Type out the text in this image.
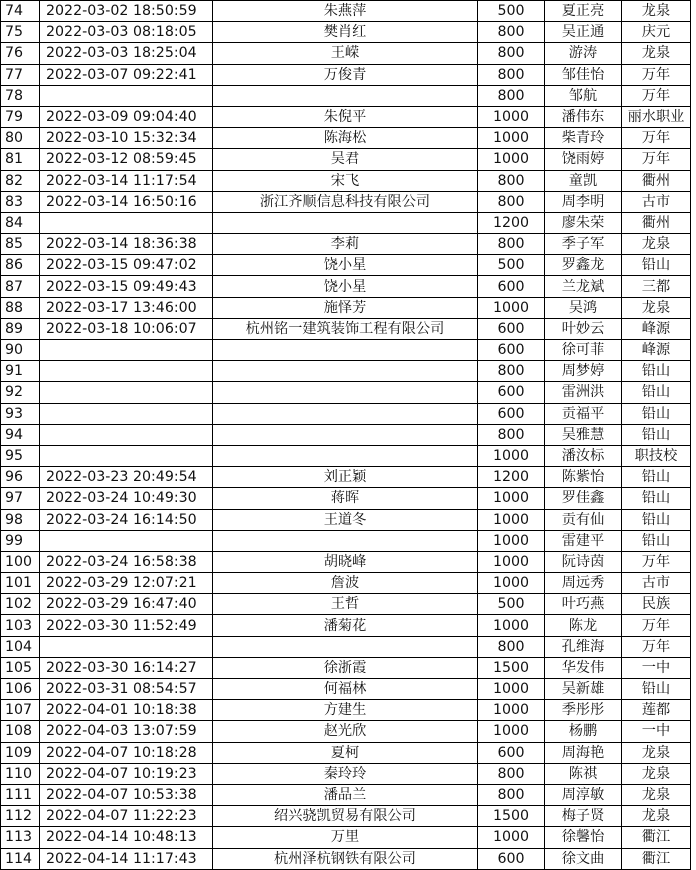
74	2022-03-02 18:50:59	朱燕萍	500	夏正亮	龙泉
75	2022-03-03 08:18:05	樊肖红	800	吴正通	庆元
76	2022-03-03 18:25:04	王嵘	800	游涛	龙泉
77	2022-03-07 09:22:41	万俊青	800	邹佳怡	万年
78			800	邹航	万年
79	2022-03-09 09:04:40	朱倪平	1000	潘伟东	丽水职业
80	2022-03-10 15:32:34	陈海松	1000	柴青玲	万年
81	2022-03-12 08:59:45	吴君	1000	饶雨婷	万年
82	2022-03-14 11:17:54	宋飞	800	童凯	衢州
83	2022-03-14 16:50:16	浙江齐顺信息科技有限公司	800	周李明	古市
84			1200	廖朱荣	衢州
85	2022-03-14 18:36:38	李莉	800	季子军	龙泉
86	2022-03-15 09:47:02	饶小星	500	罗鑫龙	铅山
87	2022-03-15 09:49:43	饶小星	600	兰龙斌	三都
88	2022-03-17 13:46:00	施怿芳	1000	吴鸿	龙泉
89	2022-03-18 10:06:07	杭州铭一建筑装饰工程有限公司	600	叶妙云	峰源
90			600	徐可菲	峰源
91			800	周梦婷	铅山
92			600	雷洲洪	铅山
93			600	贡福平	铅山
94			800	吴雅慧	铅山
95			1000	潘汝标	职技校
96	2022-03-23 20:49:54	刘正颖	1200	陈紫怡	铅山
97	2022-03-24 10:49:30	蒋晖	1000	罗佳鑫	铅山
98	2022-03-24 16:14:50	王道冬	1000	贡有仙	铅山
99			1000	雷建平	铅山
100	2022-03-24 16:58:38	胡晓峰	1000	阮诗茵	万年
101	2022-03-29 12:07:21	詹波	1000	周远秀	古市
102	2022-03-29 16:47:40	王哲	500	叶巧燕	民族
103	2022-03-30 11:52:49	潘菊花	1000	陈龙	万年
104			800	孔维海	万年
105	2022-03-30 16:14:27	徐浙霞	1500	华发伟	一中
106	2022-03-31 08:54:57	何福林	1000	吴新雄	铅山
107	2022-04-01 10:18:38	方建生	1000	季彤彤	莲都
108	2022-04-03 13:07:59	赵光欣	1000	杨鹏	一中
109	2022-04-07 10:18:28	夏柯	600	周海艳	龙泉
110	2022-04-07 10:19:23	秦玲玲	800	陈祺	龙泉
111	2022-04-07 10:53:38	潘品兰	800	周淳敏	龙泉
112	2022-04-07 11:22:23	绍兴骁凯贸易有限公司	1500	梅子贤	龙泉
113	2022-04-14 10:48:13	万里	1000	徐馨怡	衢江
114	2022-04-14 11:17:43	杭州泽杭钢铁有限公司	600	徐文曲	衢江
